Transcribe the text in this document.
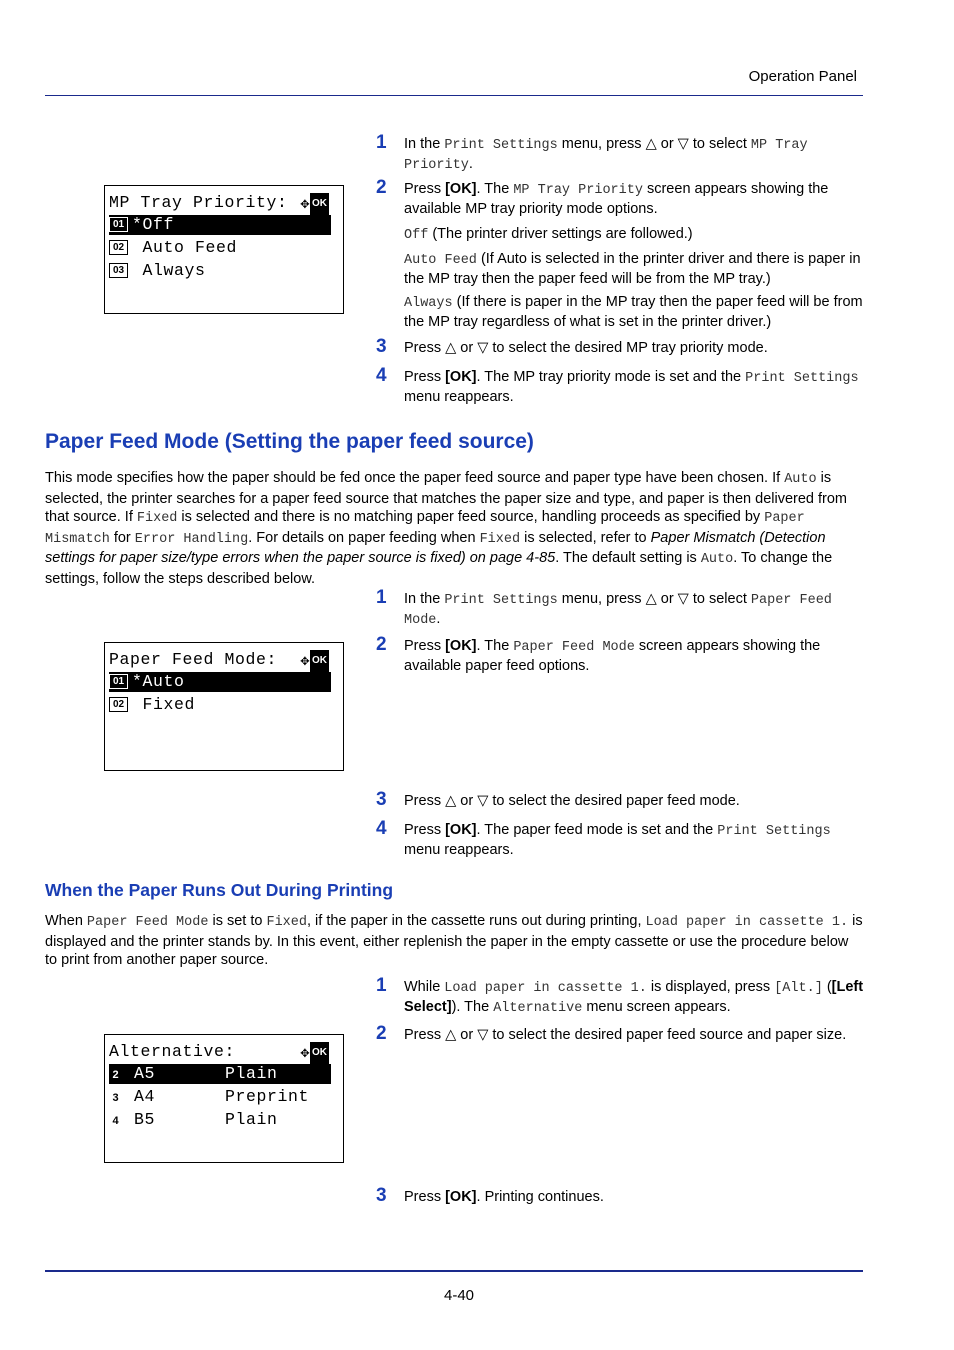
Operation Panel
MP Tray Priority: ✥ OK
01 *Off
02 Auto Feed
03 Always
1	In the Print Settings menu, press △ or ▽ to select MP Tray Priority.
2	Press [OK]. The MP Tray Priority screen appears showing the available MP tray priority mode options.
Off (The printer driver settings are followed.)
Auto Feed (If Auto is selected in the printer driver and there is paper in the MP tray then the paper feed will be from the MP tray.)
Always (If there is paper in the MP tray then the paper feed will be from the MP tray regardless of what is set in the printer driver.)
3	Press △ or ▽ to select the desired MP tray priority mode.
4	Press [OK]. The MP tray priority mode is set and the Print Settings menu reappears.
Paper Feed Mode (Setting the paper feed source)
This mode specifies how the paper should be fed once the paper feed source and paper type have been chosen. If Auto is selected, the printer searches for a paper feed source that matches the paper size and type, and paper is then delivered from that source. If Fixed is selected and there is no matching paper feed source, handling proceeds as specified by Paper Mismatch for Error Handling. For details on paper feeding when Fixed is selected, refer to Paper Mismatch (Detection settings for paper size/type errors when the paper source is fixed) on page 4-85. The default setting is Auto. To change the settings, follow the steps described below.
Paper Feed Mode: ✥ OK
01 *Auto
02 Fixed
1	In the Print Settings menu, press △ or ▽ to select Paper Feed Mode.
2	Press [OK]. The Paper Feed Mode screen appears showing the available paper feed options.
3	Press △ or ▽ to select the desired paper feed mode.
4	Press [OK]. The paper feed mode is set and the Print Settings menu reappears.
When the Paper Runs Out During Printing
When Paper Feed Mode is set to Fixed, if the paper in the cassette runs out during printing, Load paper in cassette 1. is displayed and the printer stands by. In this event, either replenish the paper in the empty cassette or use the procedure below to print from another paper source.
Alternative:	✥ OK
2 A5	Plain
3 A4	Preprint
4 B5	Plain
1	While Load paper in cassette 1. is displayed, press [Alt.] ([Left Select]). The Alternative menu screen appears.
2	Press △ or ▽ to select the desired paper feed source and paper size.
3	Press [OK]. Printing continues.
4-40
